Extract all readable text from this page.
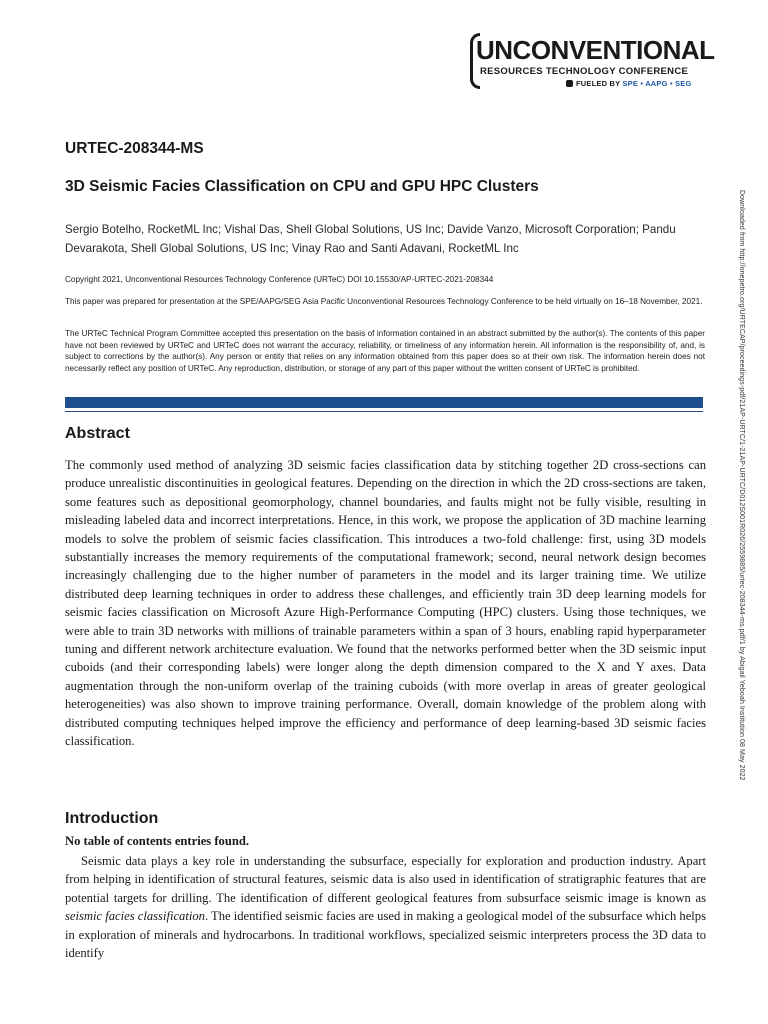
UNCONVENTIONAL
RESOURCES TECHNOLOGY CONFERENCE
FUELED BY SPE • AAPG • SEG
URTEC-208344-MS
3D Seismic Facies Classification on CPU and GPU HPC Clusters

Sergio Botelho, RocketML Inc; Vishal Das, Shell Global Solutions, US Inc; Davide Vanzo, Microsoft Corporation; Pandu Devarakota, Shell Global Solutions, US Inc; Vinay Rao and Santi Adavani, RocketML Inc

Copyright 2021, Unconventional Resources Technology Conference (URTeC) DOI 10.15530/AP-URTEC-2021-208344

This paper was prepared for presentation at the SPE/AAPG/SEG Asia Pacific Unconventional Resources Technology Conference to be held virtually on 16–18 November, 2021.

The URTeC Technical Program Committee accepted this presentation on the basis of information contained in an abstract submitted by the author(s). The contents of this paper have not been reviewed by URTeC and URTeC does not warrant the accuracy, reliability, or timeliness of any information herein. All information is the responsibility of, and, is subject to corrections by the author(s). Any person or entity that relies on any information obtained from this paper does so at their own risk. The information herein does not necessarily reflect any position of URTeC. Any reproduction, distribution, or storage of any part of this paper without the written consent of URTeC is prohibited.

Abstract

The commonly used method of analyzing 3D seismic facies classification data by stitching together 2D cross-sections can produce unrealistic discontinuities in geological features. Depending on the direction in which the 2D cross-sections are taken, some features such as depositional geomorphology, channel boundaries, and faults might not be fully visible, resulting in misleading labeled data and incorrect interpretations. Hence, in this work, we propose the application of 3D machine learning models to solve the problem of seismic facies classification. This introduces a two-fold challenge: first, using 3D models substantially increases the memory requirements of the computational framework; second, neural network design becomes increasingly challenging due to the higher number of parameters in the model and its larger training time. We utilize distributed deep learning techniques in order to address these challenges, and efficiently train 3D deep learning models for seismic facies classification on Microsoft Azure High-Performance Computing (HPC) clusters. Using those techniques, we were able to train 3D networks with millions of trainable parameters within a span of 3 hours, enabling rapid hyperparameter tuning and different network architecture evaluation. We found that the networks performed better when the 3D seismic input cuboids (and their corresponding labels) were longer along the depth dimension compared to the X and Y axes. Data augmentation through the non-uniform overlap of the training cuboids (with more overlap in areas of greater geological heterogeneities) was also shown to improve training performance. Overall, domain knowledge of the problem along with distributed computing techniques helped improve the efficiency and performance of deep learning-based 3D seismic facies classification.

Introduction

No table of contents entries found.

Seismic data plays a key role in understanding the subsurface, especially for exploration and production industry. Apart from helping in identification of structural features, seismic data is also used in identification of stratigraphic features that are potential targets for drilling. The identification of different geological features from subsurface seismic image is known as seismic facies classification. The identified seismic facies are used in making a geological model of the subsurface which helps in exploration of minerals and hydrocarbons. In traditional workflows, specialized seismic interpreters process the 3D data to identify

Downloaded from http://onepetro.org/URTECAP/proceedings-pdf/21AP-URTC/1-21AP-URTC/D012S001R026/2559885/urtec-208344-ms.pdf/1 by Abigail Yeboah Institution 08 May 2022
